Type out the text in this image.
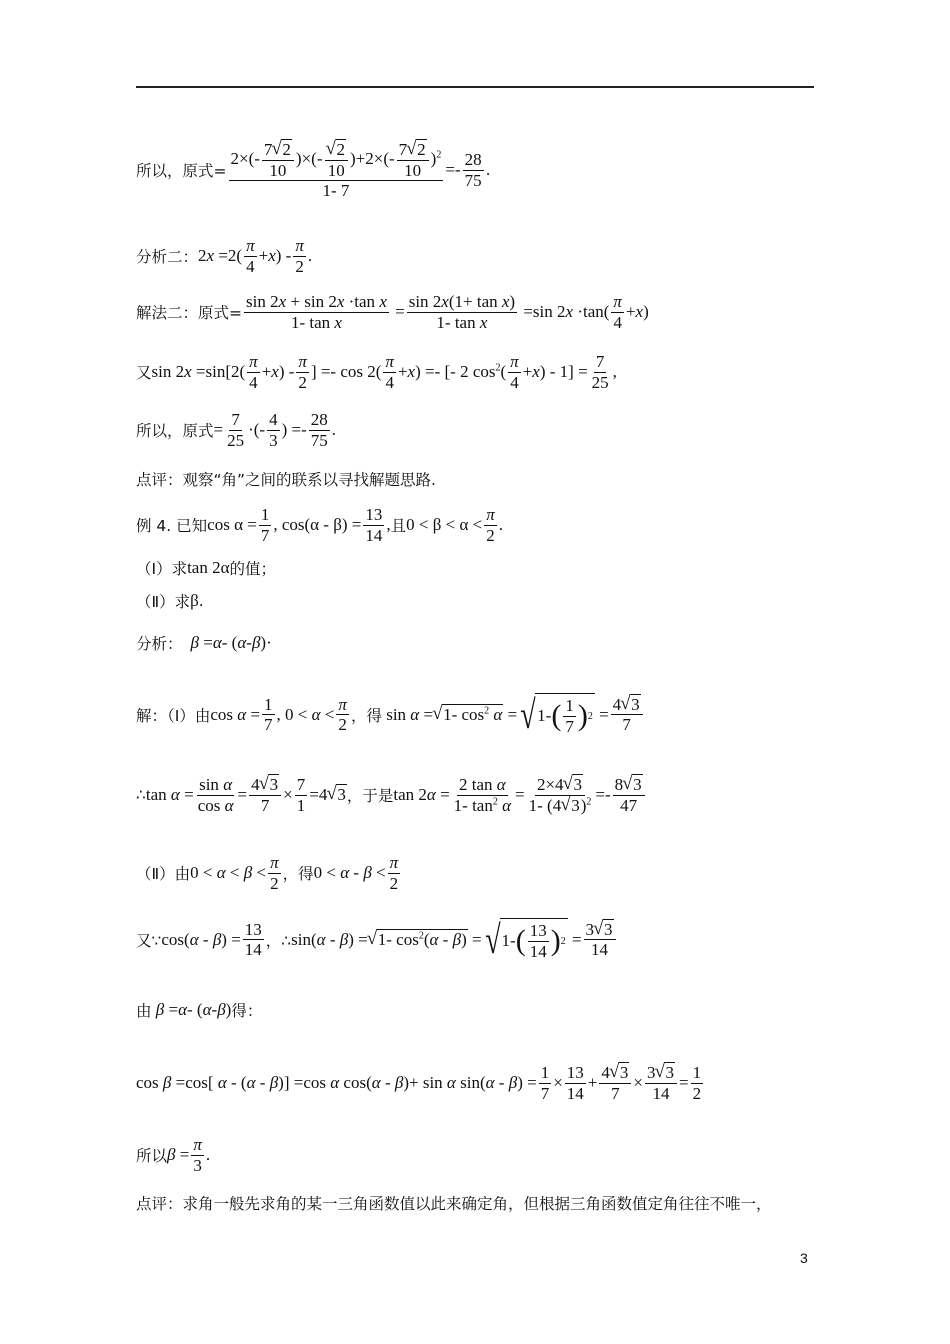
所以，原式= $2\times(- \frac{7√ 2}{10}$ )×(-
√ $\frac{2}{10} )+2\times(- \frac{7√ 2}{10} )^2$
1- $7 =- \frac{28}{75}$ .
分析二： $2x =2( \frac{\pi}{4} +x) - \frac{\pi}{2}$ .
解法二：原式= $\frac{\text{sin 2x + sin 2x ·tan x}}{\text{1- tan x}} = \frac{\text{sin 2x(1+ tan x)}}{\text{1- tan x}} =\sin$ $2x \cdot\tan( \frac{\pi}{4} +x)$
又 $\sin 2x =\sin[2( \frac{\pi}{4} +x) - \frac{\pi}{2}$ ] =- $\cos 2( \frac{\pi}{4} +x)$ =- [- 2 $\cos^2( \frac{\pi}{4} +x) - 1] = \frac{7}{25}$ ,
所以，原式 = $\frac{7}{25}$ ·(- $\frac{4}{3}$ ) =- $\frac{28}{75}$ .
点评：观察“角”之间的联系以寻找解题思路.
例 4. 已知 $\cos \alpha = \frac{1}{7}$ , $\cos(\alpha - \beta) = \frac{13}{14}$ , 且 $0 < \beta < \alpha < \frac{\pi}{2}$ .
（Ⅰ）求 tan 2α 的值；
（Ⅱ）求 β .
分析： β = α - ( α - β )·
解：（Ⅰ）由 $\cos \alpha = \frac{1}{7}$ , $0 < \alpha < \frac{\pi}{2}$ ，得 sin α =
√ 1- $\cos^2 \alpha$ = √ 1- ( $\frac{1}{7}$ ) $2 = \frac{4√ 3}{7}$
∴ $\tan \alpha = \frac{\text{sin α}}{\text{cos α}} = \frac{4√ 3}{7} \times \frac{7}{1} =4√$ 3 ，于是 $\tan 2\alpha = \frac{\text{2 tan α}}{1- \tan^2 \alpha} = \frac{2\times 4√ 3}{1- (4√ 3)^2} =- \frac{8√ 3}{47}$
（Ⅱ）由 $0 < \alpha < \beta < \frac{\pi}{2}$ ，得 $0 < \alpha - \beta < \frac{\pi}{2}$
又∵ $\cos(\alpha - \beta) = \frac{13}{14}$ ，∴ sin(α - β) =
√ 1- $\cos^2(\alpha - \beta)$ = √ 1- ( $\frac{13}{14}$ ) $2 = \frac{3√ 3}{14}$
由 β = α - ( α - β ) 得：
cos β =cos[ α - (α - β)] =cos α cos(α - β)+ sin α $\sin(\alpha - \beta) = \frac{1}{7} \times \frac{13}{14} + \frac{4√ 3}{7} \times \frac{3√ 3}{14} = \frac{1}{2}$
所以 $\beta = \frac{\pi}{3}$ .
点评：求角一般先求角的某一三角函数值以此来确定角，但根据三角函数值定角往往不唯一，
3
